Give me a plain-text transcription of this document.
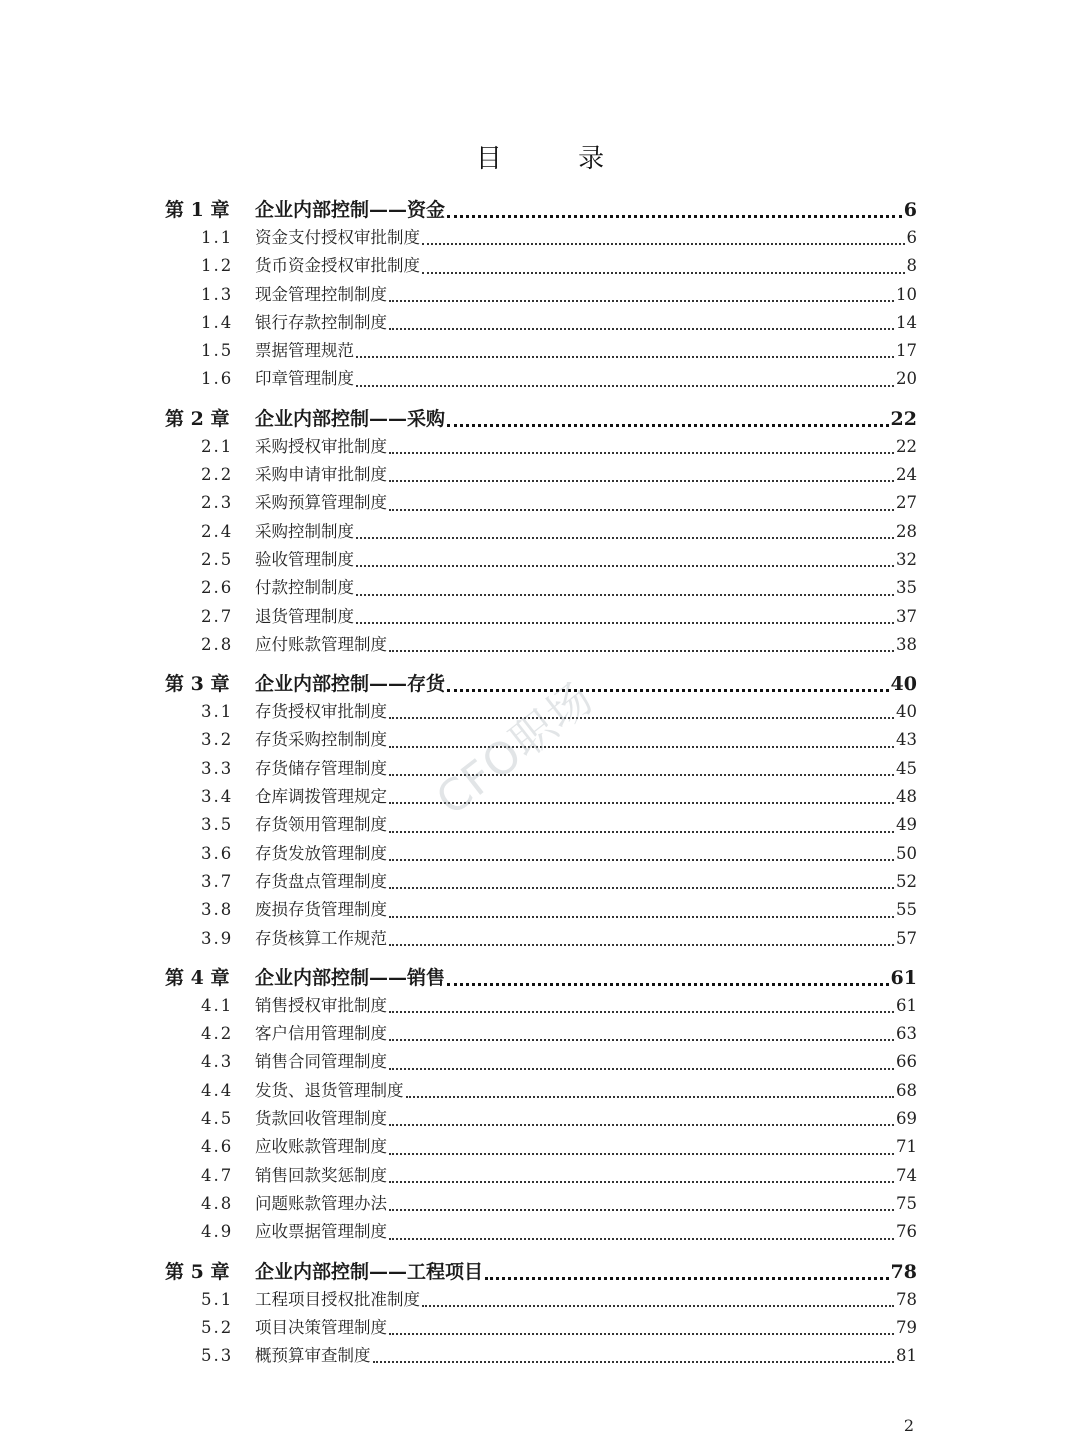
目 录
第 1 章	企业内部控制——资金	6
1.1	资金支付授权审批制度	6
1.2	货币资金授权审批制度	8
1.3	现金管理控制制度	10
1.4	银行存款控制制度	14
1.5	票据管理规范	17
1.6	印章管理制度	20
第 2 章	企业内部控制——采购	22
2.1	采购授权审批制度	22
2.2	采购申请审批制度	24
2.3	采购预算管理制度	27
2.4	采购控制制度	28
2.5	验收管理制度	32
2.6	付款控制制度	35
2.7	退货管理制度	37
2.8	应付账款管理制度	38
第 3 章	企业内部控制——存货	40
3.1	存货授权审批制度	40
3.2	存货采购控制制度	43
3.3	存货储存管理制度	45
3.4	仓库调拨管理规定	48
3.5	存货领用管理制度	49
3.6	存货发放管理制度	50
3.7	存货盘点管理制度	52
3.8	废损存货管理制度	55
3.9	存货核算工作规范	57
第 4 章	企业内部控制——销售	61
4.1	销售授权审批制度	61
4.2	客户信用管理制度	63
4.3	销售合同管理制度	66
4.4	发货、退货管理制度	68
4.5	货款回收管理制度	69
4.6	应收账款管理制度	71
4.7	销售回款奖惩制度	74
4.8	问题账款管理办法	75
4.9	应收票据管理制度	76
第 5 章	企业内部控制——工程项目	78
5.1	工程项目授权批准制度	78
5.2	项目决策管理制度	79
5.3	概预算审查制度	81
CFO职场
2
